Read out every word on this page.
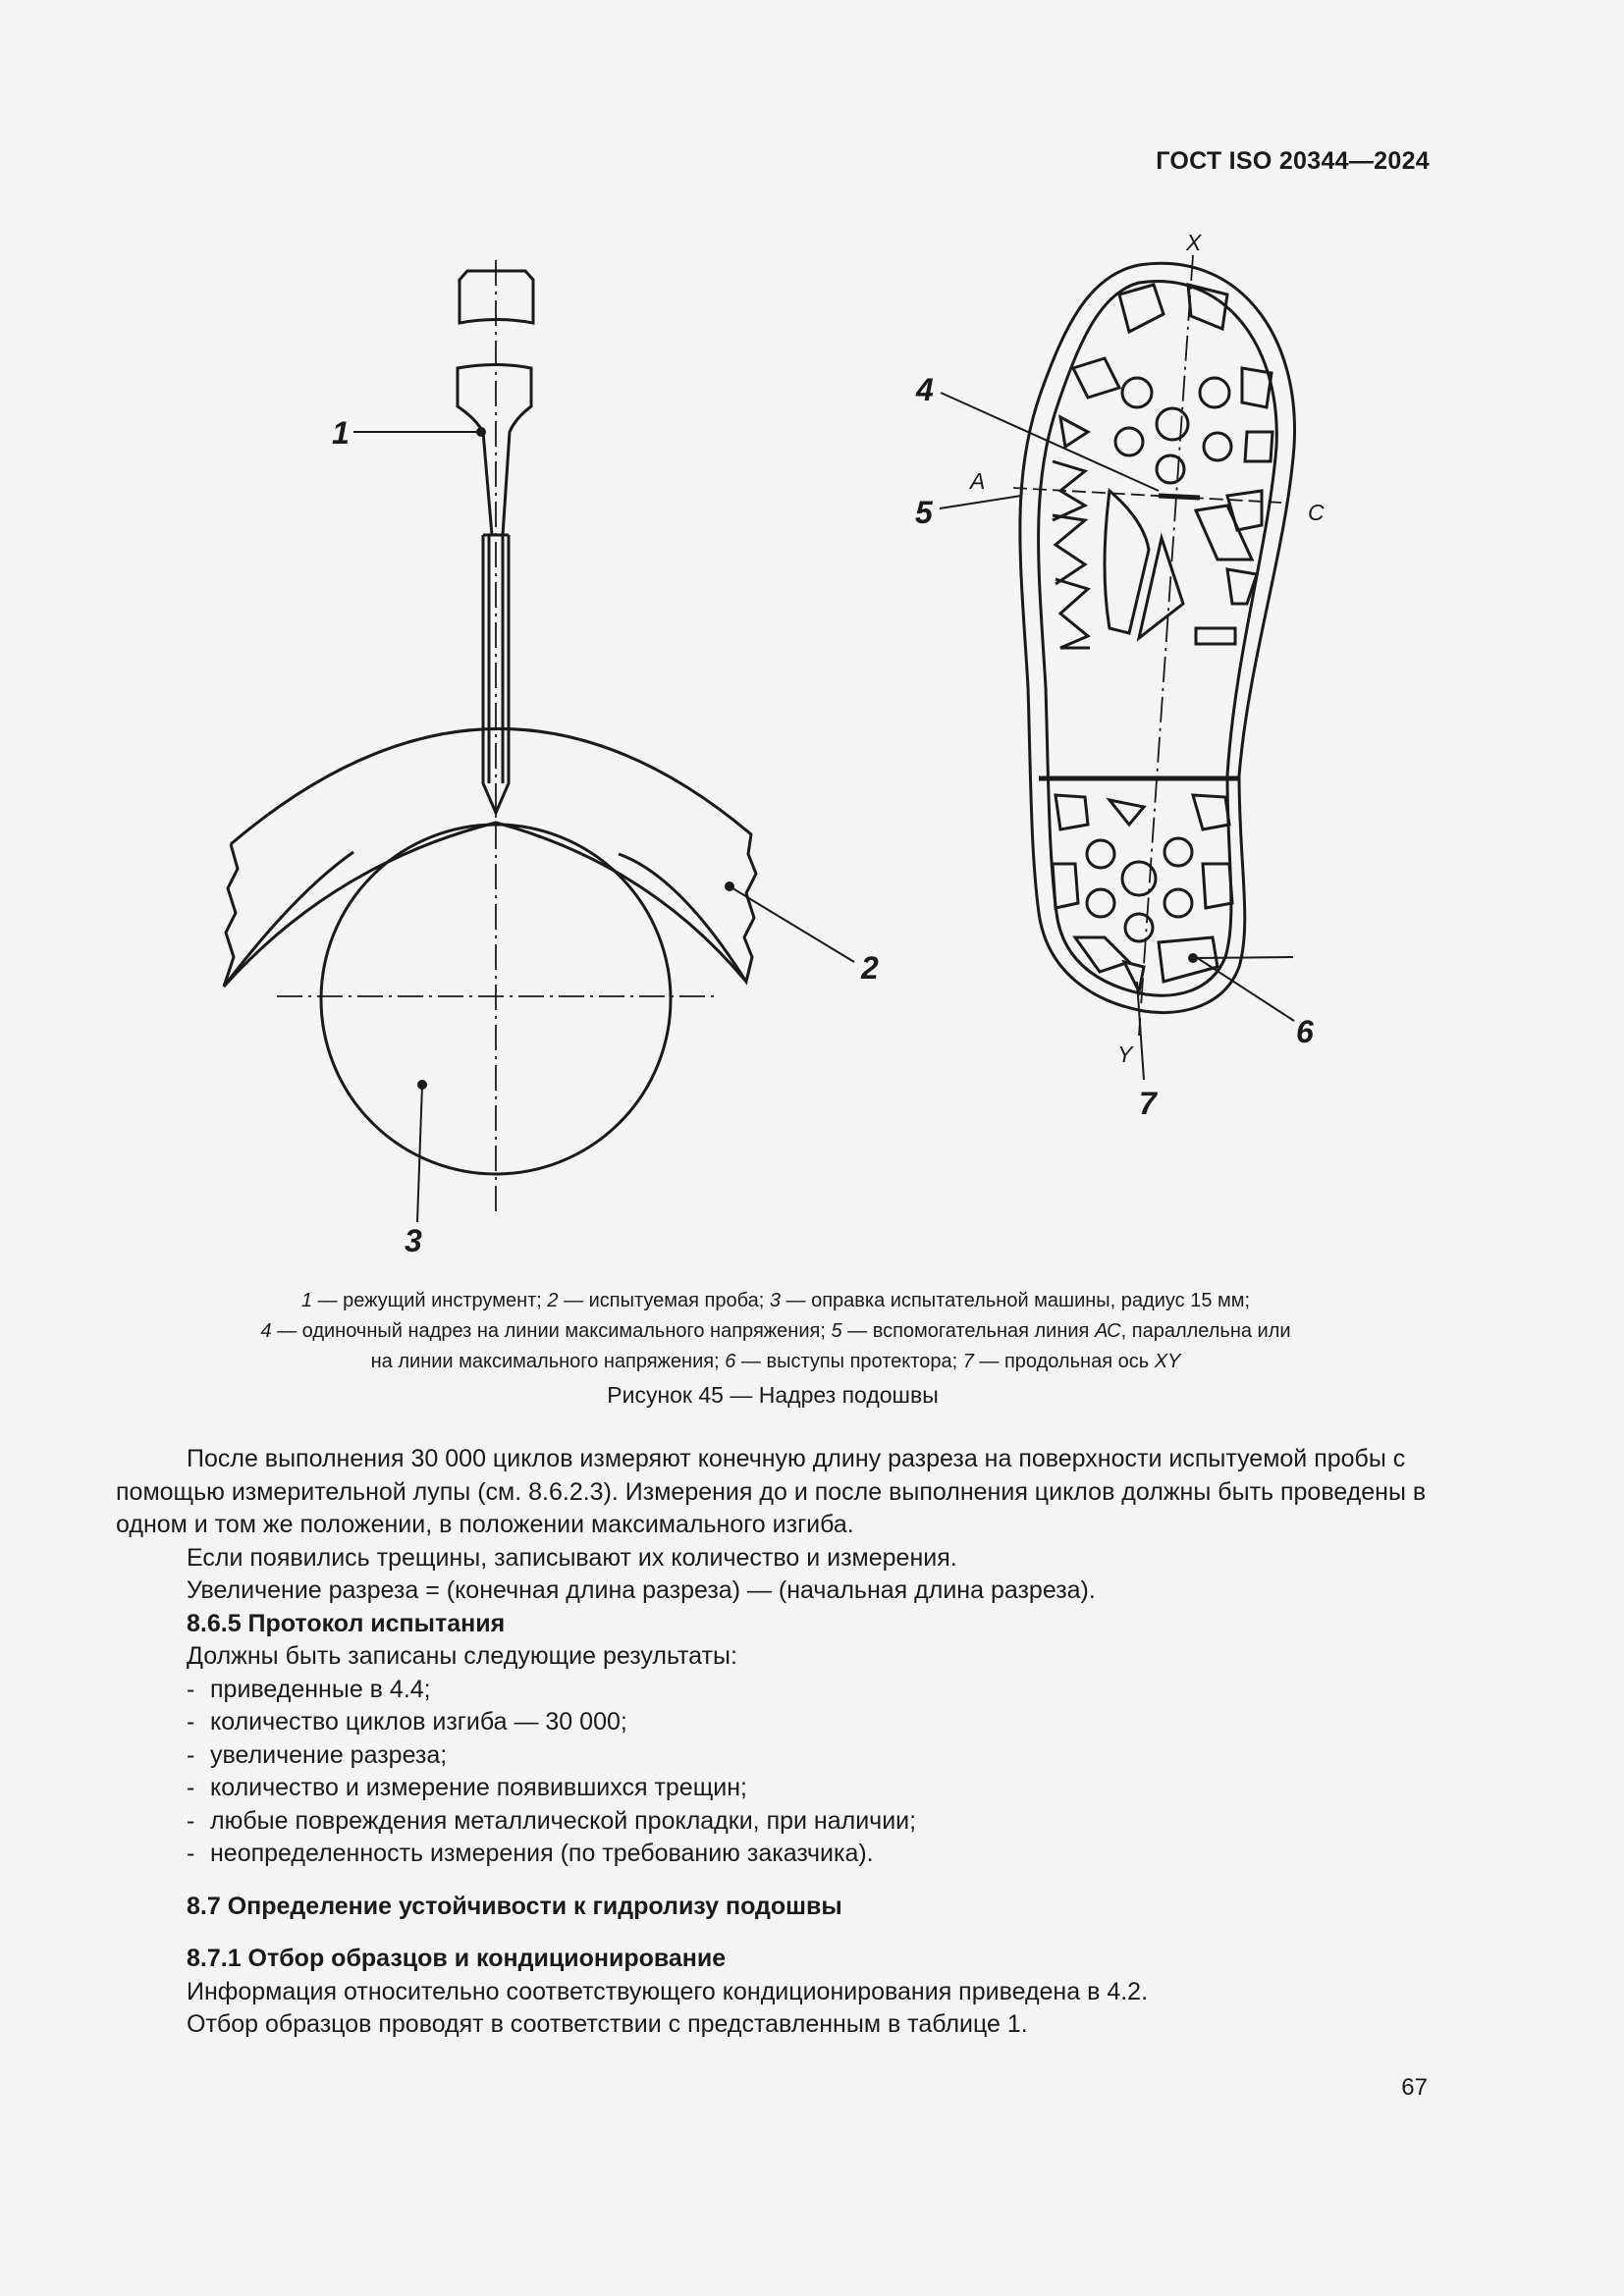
ГОСТ ISO 20344—2024
1
2
3
4
5
6
7
X
Y
A
C
1 — режущий инструмент; 2 — испытуемая проба; 3 — оправка испытательной машины, радиус 15 мм;
4 — одиночный надрез на линии максимального напряжения; 5 — вспомогательная линия АС, параллельна или
на линии максимального напряжения; 6 — выступы протектора; 7 — продольная ось XY
Рисунок 45 — Надрез подошвы

После выполнения 30 000 циклов измеряют конечную длину разреза на поверхности испытуемой пробы с помощью измерительной лупы (см. 8.6.2.3). Измерения до и после выполнения циклов должны быть проведены в одном и том же положении, в положении максимального изгиба.

Если появились трещины, записывают их количество и измерения.

Увеличение разреза = (конечная длина разреза) — (начальная длина разреза).

8.6.5 Протокол испытания

Должны быть записаны следующие результаты:

- приведенные в 4.4;
- количество циклов изгиба — 30 000;
- увеличение разреза;
- количество и измерение появившихся трещин;
- любые повреждения металлической прокладки, при наличии;
- неопределенность измерения (по требованию заказчика).

8.7 Определение устойчивости к гидролизу подошвы

8.7.1 Отбор образцов и кондиционирование

Информация относительно соответствующего кондиционирования приведена в 4.2.

Отбор образцов проводят в соответствии с представленным в таблице 1.

67
